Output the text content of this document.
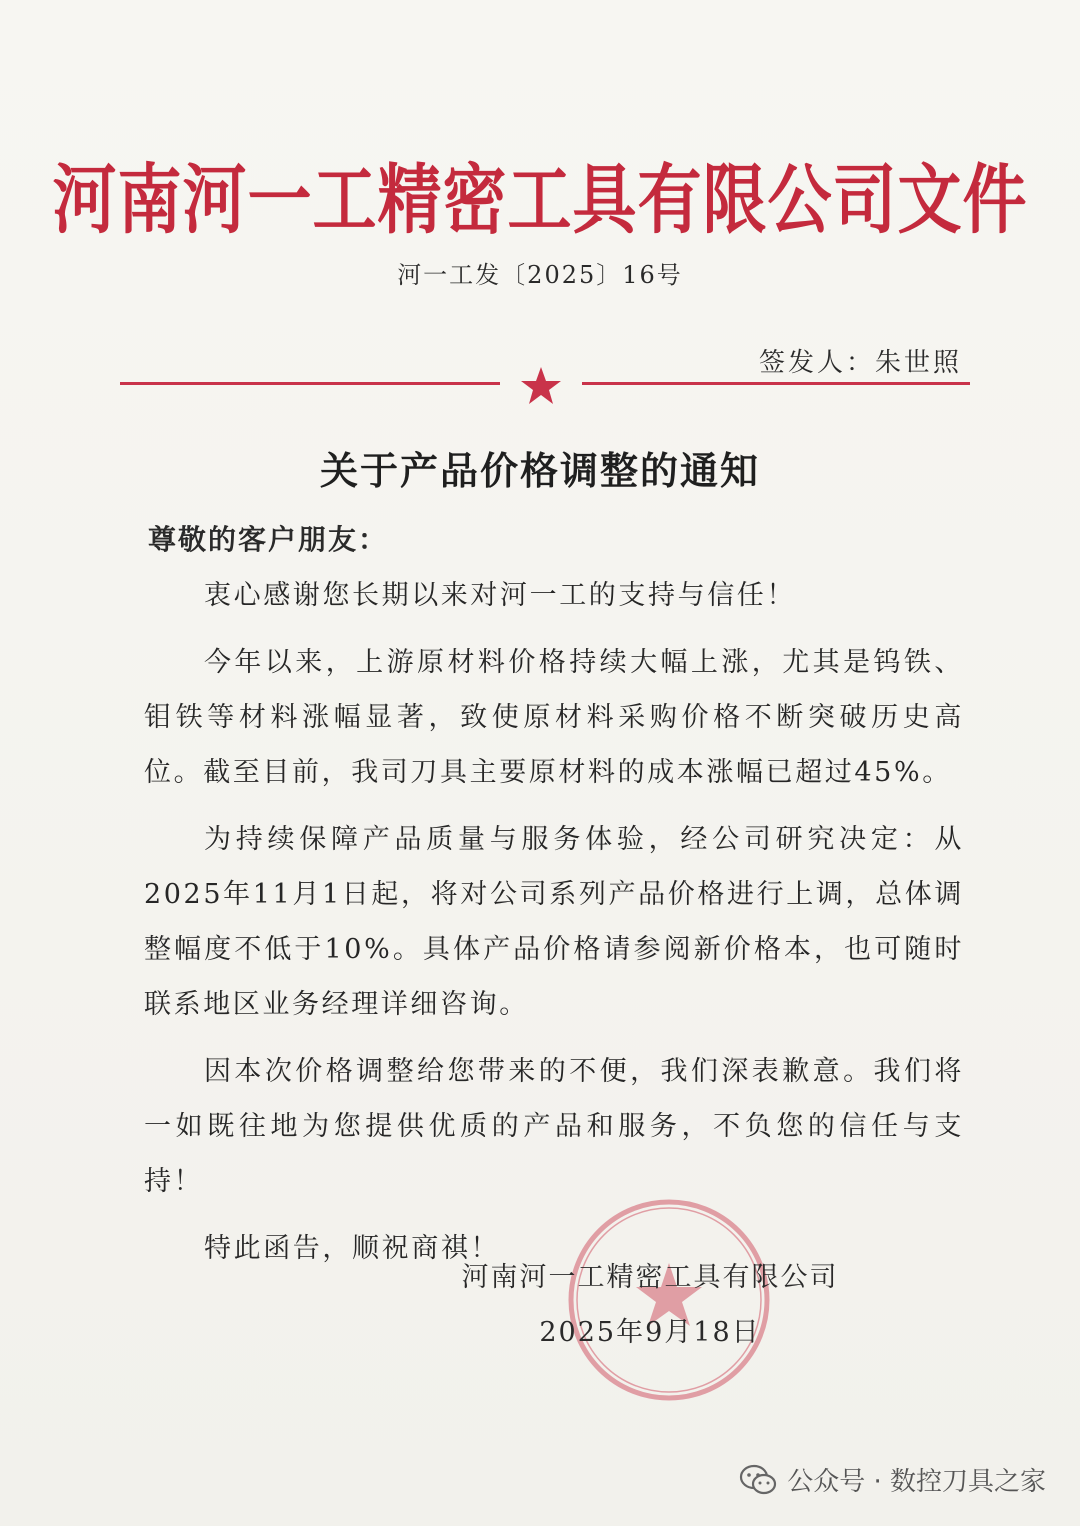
河南河一工精密工具有限公司文件
河一工发〔2025〕16号
签发人：朱世照
关于产品价格调整的通知
尊敬的客户朋友：

衷心感谢您长期以来对河一工的支持与信任！

今年以来，上游原材料价格持续大幅上涨，尤其是钨铁、钼铁等材料涨幅显著，致使原材料采购价格不断突破历史高位。截至目前，我司刀具主要原材料的成本涨幅已超过45%。

为持续保障产品质量与服务体验，经公司研究决定：从2025年11月1日起，将对公司系列产品价格进行上调，总体调整幅度不低于10%。具体产品价格请参阅新价格本，也可随时联系地区业务经理详细咨询。

因本次价格调整给您带来的不便，我们深表歉意。我们将一如既往地为您提供优质的产品和服务，不负您的信任与支持！

特此函告，顺祝商祺！

河南河一工精密工具有限公司
2025年9月18日
公众号 · 数控刀具之家
